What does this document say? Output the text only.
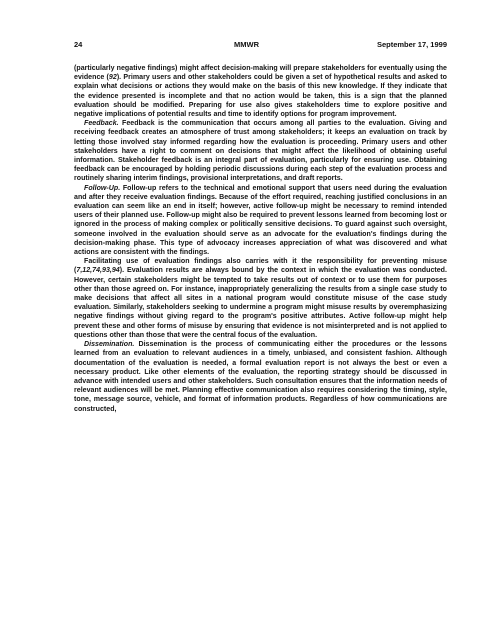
24	MMWR	September 17, 1999

(particularly negative findings) might affect decision-making will prepare stakeholders for eventually using the evidence (92). Primary users and other stakeholders could be given a set of hypothetical results and asked to explain what decisions or actions they would make on the basis of this new knowledge. If they indicate that the evidence presented is incomplete and that no action would be taken, this is a sign that the planned evaluation should be modified. Preparing for use also gives stakeholders time to explore positive and negative implications of potential results and time to identify options for program improvement.

Feedback. Feedback is the communication that occurs among all parties to the evaluation. Giving and receiving feedback creates an atmosphere of trust among stakeholders; it keeps an evaluation on track by letting those involved stay informed regarding how the evaluation is proceeding. Primary users and other stakeholders have a right to comment on decisions that might affect the likelihood of obtaining useful information. Stakeholder feedback is an integral part of evaluation, particularly for ensuring use. Obtaining feedback can be encouraged by holding periodic discussions during each step of the evaluation process and routinely sharing interim findings, provisional interpretations, and draft reports.

Follow-Up. Follow-up refers to the technical and emotional support that users need during the evaluation and after they receive evaluation findings. Because of the effort required, reaching justified conclusions in an evaluation can seem like an end in itself; however, active follow-up might be necessary to remind intended users of their planned use. Follow-up might also be required to prevent lessons learned from becoming lost or ignored in the process of making complex or politically sensitive decisions. To guard against such oversight, someone involved in the evaluation should serve as an advocate for the evaluation's findings during the decision-making phase. This type of advocacy increases appreciation of what was discovered and what actions are consistent with the findings.

Facilitating use of evaluation findings also carries with it the responsibility for preventing misuse (7,12,74,93,94). Evaluation results are always bound by the context in which the evaluation was conducted. However, certain stakeholders might be tempted to take results out of context or to use them for purposes other than those agreed on. For instance, inappropriately generalizing the results from a single case study to make decisions that affect all sites in a national program would constitute misuse of the case study evaluation. Similarly, stakeholders seeking to undermine a program might misuse results by overemphasizing negative findings without giving regard to the program's positive attributes. Active follow-up might help prevent these and other forms of misuse by ensuring that evidence is not misinterpreted and is not applied to questions other than those that were the central focus of the evaluation.

Dissemination. Dissemination is the process of communicating either the procedures or the lessons learned from an evaluation to relevant audiences in a timely, unbiased, and consistent fashion. Although documentation of the evaluation is needed, a formal evaluation report is not always the best or even a necessary product. Like other elements of the evaluation, the reporting strategy should be discussed in advance with intended users and other stakeholders. Such consultation ensures that the information needs of relevant audiences will be met. Planning effective communication also requires considering the timing, style, tone, message source, vehicle, and format of information products. Regardless of how communications are constructed,
